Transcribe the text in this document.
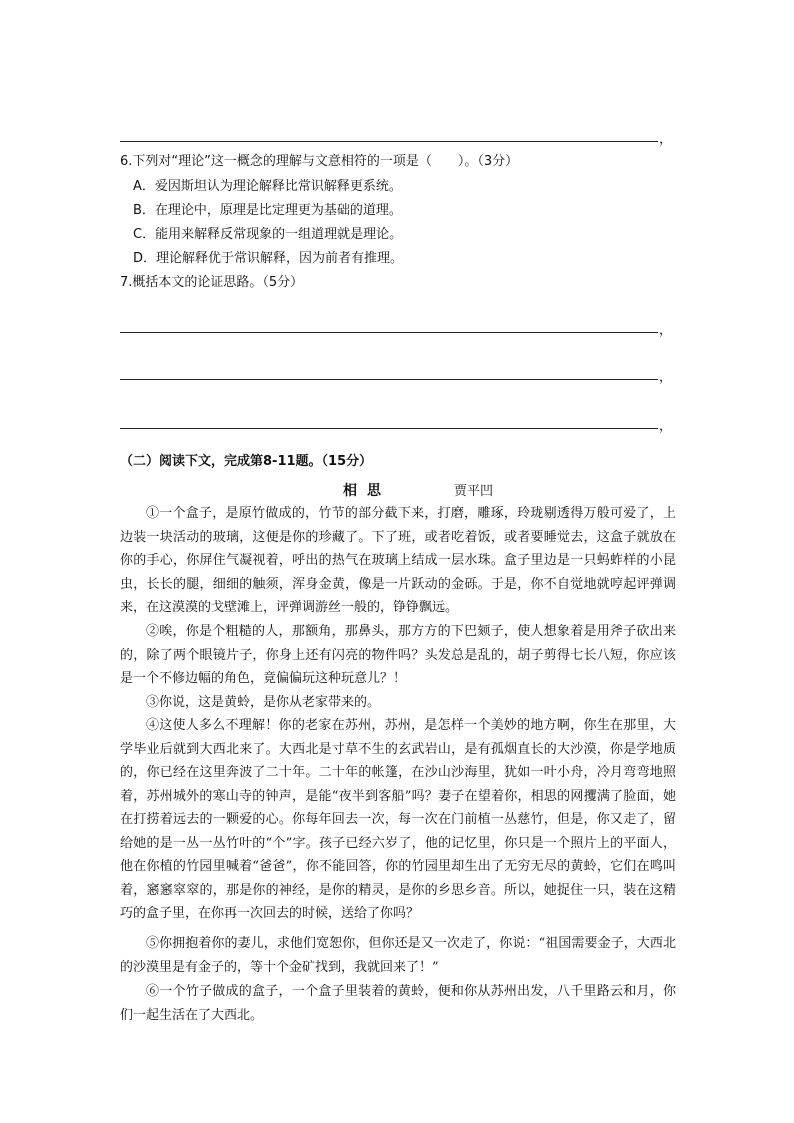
，
6.下列对“理论”这一概念的理解与文意相符的一项是（　　）。（3分）
A．爱因斯坦认为理论解释比常识解释更系统。
B．在理论中，原理是比定理更为基础的道理。
C．能用来解释反常现象的一组道理就是理论。
D．理论解释优于常识解释，因为前者有推理。
7.概括本文的论证思路。（5分）
，
，
，
（二）阅读下文，完成第8-11题。（15分）
相思	贾平凹

①一个盒子，是原竹做成的，竹节的部分截下来，打磨，雕琢，玲珑剔透得万般可爱了，上边装一块活动的玻璃，这便是你的珍藏了。下了班，或者吃着饭，或者要睡觉去，这盒子就放在你的手心，你屏住气凝视着，呼出的热气在玻璃上结成一层水珠。盒子里边是一只蚂蚱样的小昆虫，长长的腿，细细的触须，浑身金黄，像是一片跃动的金砾。于是，你不自觉地就哼起评弹调来，在这漠漠的戈壁滩上，评弹调游丝一般的，铮铮飘远。

②唉，你是个粗糙的人，那额角，那鼻头，那方方的下巴颏子，使人想象着是用斧子砍出来的，除了两个眼镜片子，你身上还有闪亮的物件吗？头发总是乱的，胡子剪得七长八短，你应该是一个不修边幅的角色，竟偏偏玩这种玩意儿？！

③你说，这是黄蛉，是你从老家带来的。

④这使人多么不理解！你的老家在苏州，苏州，是怎样一个美妙的地方啊，你生在那里，大学毕业后就到大西北来了。大西北是寸草不生的玄武岩山，是有孤烟直长的大沙漠，你是学地质的，你已经在这里奔波了二十年。二十年的帐篷，在沙山沙海里，犹如一叶小舟，冷月弯弯地照着，苏州城外的寒山寺的钟声，是能“夜半到客船”吗？妻子在望着你，相思的网攫满了脸面，她在打捞着远去的一颗爱的心。你每年回去一次，每一次在门前植一丛慈竹，但是，你又走了，留给她的是一丛一丛竹叶的“个”字。孩子已经六岁了，他的记忆里，你只是一个照片上的平面人，他在你植的竹园里喊着“爸爸”，你不能回答，你的竹园里却生出了无穷无尽的黄蛉，它们在鸣叫着，窸窸窣窣的，那是你的神经，是你的精灵，是你的乡思乡音。所以，她捉住一只，装在这精巧的盒子里，在你再一次回去的时候，送给了你吗？

⑤你拥抱着你的妻儿，求他们宽恕你，但你还是又一次走了，你说：“祖国需要金子，大西北的沙漠里是有金子的，等十个金矿找到，我就回来了！”

⑥一个竹子做成的盒子，一个盒子里装着的黄蛉，便和你从苏州出发，八千里路云和月，你们一起生活在了大西北。
